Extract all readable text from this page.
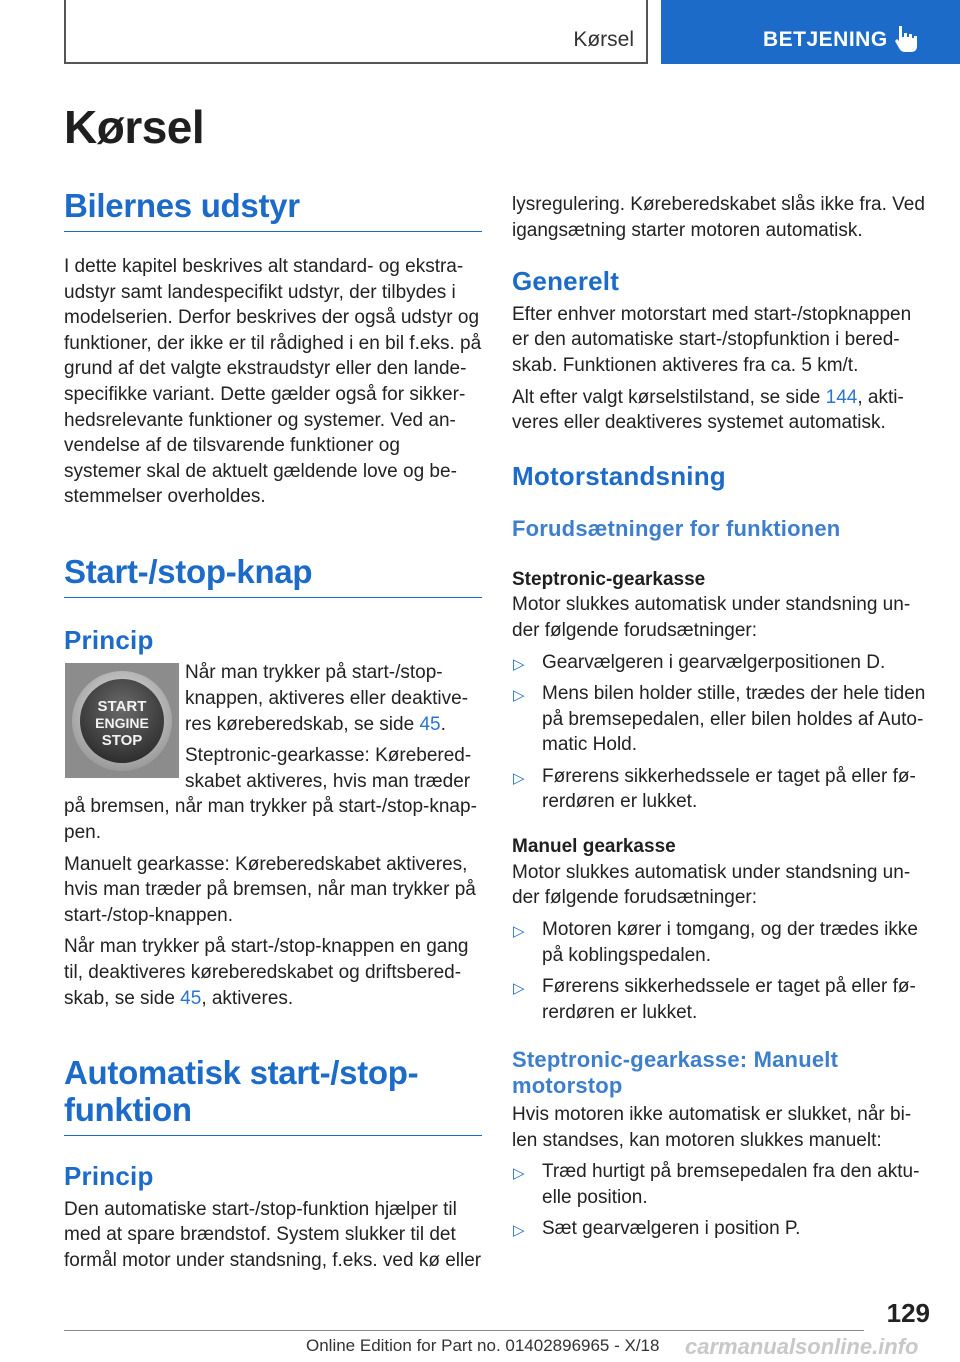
Kørsel	BETJENING
Kørsel
Bilernes udstyr

I dette kapitel beskrives alt standard- og ekstraudstyr samt landespecifikt udstyr, der tilbydes i modelserien. Derfor beskrives der også udstyr og funktioner, der ikke er til rådighed i en bil f.eks. på grund af det valgte ekstraudstyr eller den landespecifikke variant. Dette gælder også for sikkerhedsrelevante funktioner og systemer. Ved anvendelse af de tilsvarende funktioner og systemer skal de aktuelt gældende love og bestemmelser overholdes.

Start-/stop-knap
Princip
START
ENGINE
STOP

Når man trykker på start-/stop-knappen, aktiveres eller deaktiveres køreberedskab, se side 45.

Steptronic-gearkasse: Køreberedskabet aktiveres, hvis man træder på bremsen, når man trykker på start-/stop-knappen.

Manuelt gearkasse: Køreberedskabet aktiveres, hvis man træder på bremsen, når man trykker på start-/stop-knappen.

Når man trykker på start-/stop-knappen en gang til, deaktiveres køreberedskabet og driftsberedskab, se side 45, aktiveres.

Automatisk start-/stop-funktion
Princip

Den automatiske start-/stop-funktion hjælper til med at spare brændstof. System slukker til det formål motor under standsning, f.eks. ved kø eller

lysregulering. Køreberedskabet slås ikke fra. Ved igangsætning starter motoren automatisk.

Generelt

Efter enhver motorstart med start-/stopknappen er den automatiske start-/stopfunktion i beredskab. Funktionen aktiveres fra ca. 5 km/t.

Alt efter valgt kørselstilstand, se side 144, aktiveres eller deaktiveres systemet automatisk.

Motorstandsning
Forudsætninger for funktionen
Steptronic-gearkasse

Motor slukkes automatisk under standsning under følgende forudsætninger:

▷ Gearvælgeren i gearvælgerpositionen D.
▷ Mens bilen holder stille, trædes der hele tiden på bremsepedalen, eller bilen holdes af Automatic Hold.
▷ Førerens sikkerhedssele er taget på eller førerdøren er lukket.
Manuel gearkasse

Motor slukkes automatisk under standsning under følgende forudsætninger:

▷ Motoren kører i tomgang, og der trædes ikke på koblingspedalen.
▷ Førerens sikkerhedssele er taget på eller førerdøren er lukket.
Steptronic-gearkasse: Manuelt motorstop

Hvis motoren ikke automatisk er slukket, når bilen standses, kan motoren slukkes manuelt:

▷ Træd hurtigt på bremsepedalen fra den aktuelle position.
▷ Sæt gearvælgeren i position P.
129
Online Edition for Part no. 01402896965 - X/18 carmanualsonline.info
